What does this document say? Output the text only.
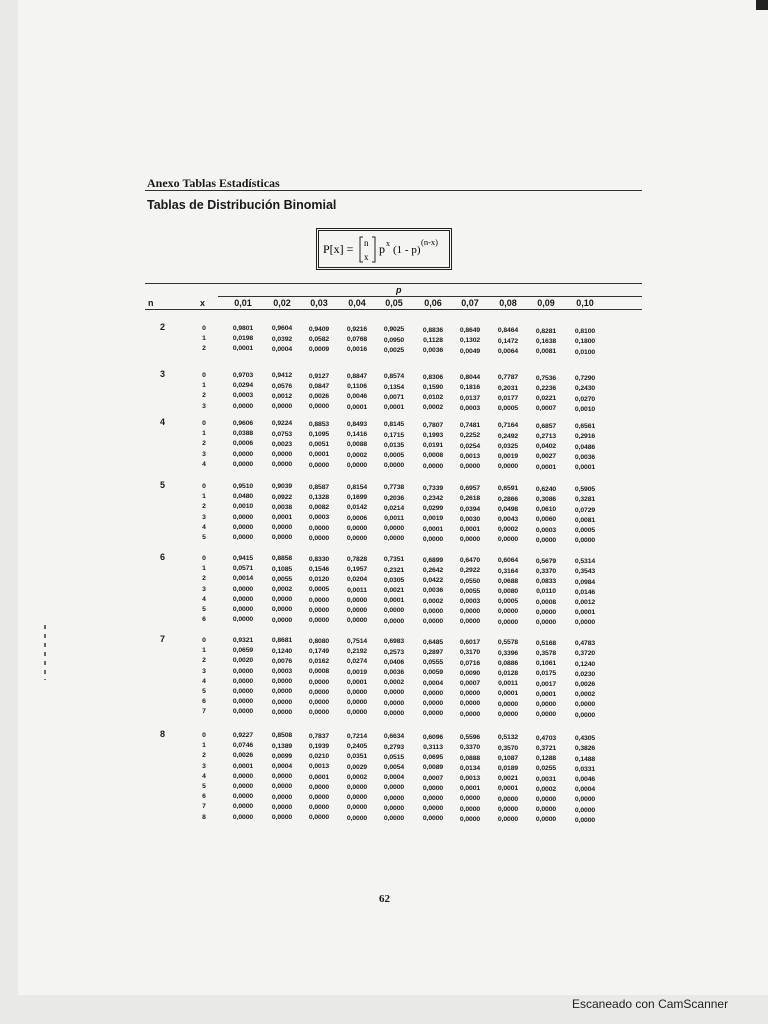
Anexo Tablas Estadísticas
Tablas de Distribución Binomial
P[x] = n
x
p x
(1 - p)
(n-x)
p
n	x	0,01	0,02	0,03	0,04	0,05	0,06	0,07	0,08	0,09	0,10
2	0	0,9801	0,9604	0,9409	0,9216	0,9025	0,8836	0,8649	0,8464	0,8281	0,8100
1	0,0198	0,0392	0,0582	0,0768	0,0950	0,1128	0,1302	0,1472	0,1638	0,1800
2	0,0001	0,0004	0,0009	0,0016	0,0025	0,0036	0,0049	0,0064	0,0081	0,0100
3	0	0,9703	0,9412	0,9127	0,8847	0,8574	0,8306	0,8044	0,7787	0,7536	0,7290
1	0,0294	0,0576	0,0847	0,1106	0,1354	0,1590	0,1816	0,2031	0,2236	0,2430
2	0,0003	0,0012	0,0026	0,0046	0,0071	0,0102	0,0137	0,0177	0,0221	0,0270
3	0,0000	0,0000	0,0000	0,0001	0,0001	0,0002	0,0003	0,0005	0,0007	0,0010
4	0	0,9606	0,9224	0,8853	0,8493	0,8145	0,7807	0,7481	0,7164	0,6857	0,6561
1	0,0388	0,0753	0,1095	0,1416	0,1715	0,1993	0,2252	0,2492	0,2713	0,2916
2	0,0006	0,0023	0,0051	0,0088	0,0135	0,0191	0,0254	0,0325	0,0402	0,0486
3	0,0000	0,0000	0,0001	0,0002	0,0005	0,0008	0,0013	0,0019	0,0027	0,0036
4	0,0000	0,0000	0,0000	0,0000	0,0000	0,0000	0,0000	0,0000	0,0001	0,0001
5	0	0,9510	0,9039	0,8587	0,8154	0,7738	0,7339	0,6957	0,6591	0,6240	0,5905
1	0,0480	0,0922	0,1328	0,1699	0,2036	0,2342	0,2618	0,2866	0,3086	0,3281
2	0,0010	0,0038	0,0082	0,0142	0,0214	0,0299	0,0394	0,0498	0,0610	0,0729
3	0,0000	0,0001	0,0003	0,0006	0,0011	0,0019	0,0030	0,0043	0,0060	0,0081
4	0,0000	0,0000	0,0000	0,0000	0,0000	0,0001	0,0001	0,0002	0,0003	0,0005
5	0,0000	0,0000	0,0000	0,0000	0,0000	0,0000	0,0000	0,0000	0,0000	0,0000
6	0	0,9415	0,8858	0,8330	0,7828	0,7351	0,6899	0,6470	0,6064	0,5679	0,5314
1	0,0571	0,1085	0,1546	0,1957	0,2321	0,2642	0,2922	0,3164	0,3370	0,3543
2	0,0014	0,0055	0,0120	0,0204	0,0305	0,0422	0,0550	0,0688	0,0833	0,0984
3	0,0000	0,0002	0,0005	0,0011	0,0021	0,0036	0,0055	0,0080	0,0110	0,0146
4	0,0000	0,0000	0,0000	0,0000	0,0001	0,0002	0,0003	0,0005	0,0008	0,0012
5	0,0000	0,0000	0,0000	0,0000	0,0000	0,0000	0,0000	0,0000	0,0000	0,0001
6	0,0000	0,0000	0,0000	0,0000	0,0000	0,0000	0,0000	0,0000	0,0000	0,0000
7	0	0,9321	0,8681	0,8080	0,7514	0,6983	0,6485	0,6017	0,5578	0,5168	0,4783
1	0,0659	0,1240	0,1749	0,2192	0,2573	0,2897	0,3170	0,3396	0,3578	0,3720
2	0,0020	0,0076	0,0162	0,0274	0,0406	0,0555	0,0716	0,0886	0,1061	0,1240
3	0,0000	0,0003	0,0008	0,0019	0,0036	0,0059	0,0090	0,0128	0,0175	0,0230
4	0,0000	0,0000	0,0000	0,0001	0,0002	0,0004	0,0007	0,0011	0,0017	0,0026
5	0,0000	0,0000	0,0000	0,0000	0,0000	0,0000	0,0000	0,0001	0,0001	0,0002
6	0,0000	0,0000	0,0000	0,0000	0,0000	0,0000	0,0000	0,0000	0,0000	0,0000
7	0,0000	0,0000	0,0000	0,0000	0,0000	0,0000	0,0000	0,0000	0,0000	0,0000
8	0	0,9227	0,8508	0,7837	0,7214	0,6634	0,6096	0,5596	0,5132	0,4703	0,4305
1	0,0746	0,1389	0,1939	0,2405	0,2793	0,3113	0,3370	0,3570	0,3721	0,3826
2	0,0026	0,0099	0,0210	0,0351	0,0515	0,0695	0,0888	0,1087	0,1288	0,1488
3	0,0001	0,0004	0,0013	0,0029	0,0054	0,0089	0,0134	0,0189	0,0255	0,0331
4	0,0000	0,0000	0,0001	0,0002	0,0004	0,0007	0,0013	0,0021	0,0031	0,0046
5	0,0000	0,0000	0,0000	0,0000	0,0000	0,0000	0,0001	0,0001	0,0002	0,0004
6	0,0000	0,0000	0,0000	0,0000	0,0000	0,0000	0,0000	0,0000	0,0000	0,0000
7	0,0000	0,0000	0,0000	0,0000	0,0000	0,0000	0,0000	0,0000	0,0000	0,0000
8	0,0000	0,0000	0,0000	0,0000	0,0000	0,0000	0,0000	0,0000	0,0000	0,0000
62
Escaneado con CamScanner
